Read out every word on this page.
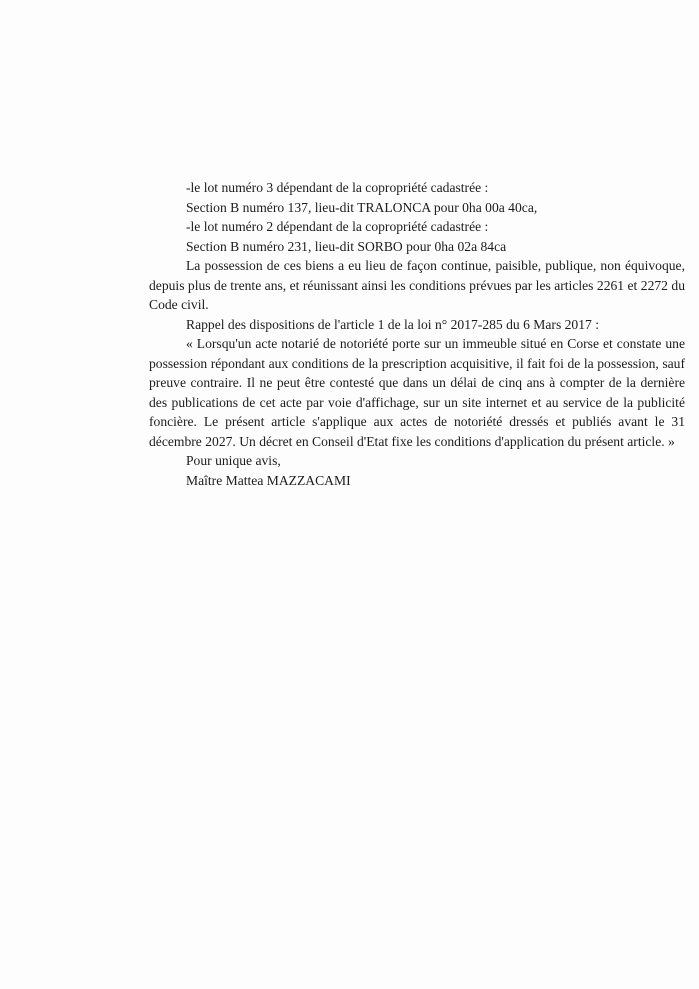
-le lot numéro 3 dépendant de la copropriété cadastrée :

Section B numéro 137, lieu-dit TRALONCA pour 0ha 00a 40ca,

-le lot numéro 2 dépendant de la copropriété cadastrée :

Section B numéro 231, lieu-dit SORBO pour 0ha 02a 84ca

La possession de ces biens a eu lieu de façon continue, paisible, publique, non équivoque, depuis plus de trente ans, et réunissant ainsi les conditions prévues par les articles 2261 et 2272 du Code civil.

Rappel des dispositions de l'article 1 de la loi n° 2017-285 du 6 Mars 2017 :

« Lorsqu'un acte notarié de notoriété porte sur un immeuble situé en Corse et constate une possession répondant aux conditions de la prescription acquisitive, il fait foi de la possession, sauf preuve contraire. Il ne peut être contesté que dans un délai de cinq ans à compter de la dernière des publications de cet acte par voie d'affichage, sur un site internet et au service de la publicité foncière. Le présent article s'applique aux actes de notoriété dressés et publiés avant le 31 décembre 2027. Un décret en Conseil d'Etat fixe les conditions d'application du présent article. »

Pour unique avis,

Maître Mattea MAZZACAMI
